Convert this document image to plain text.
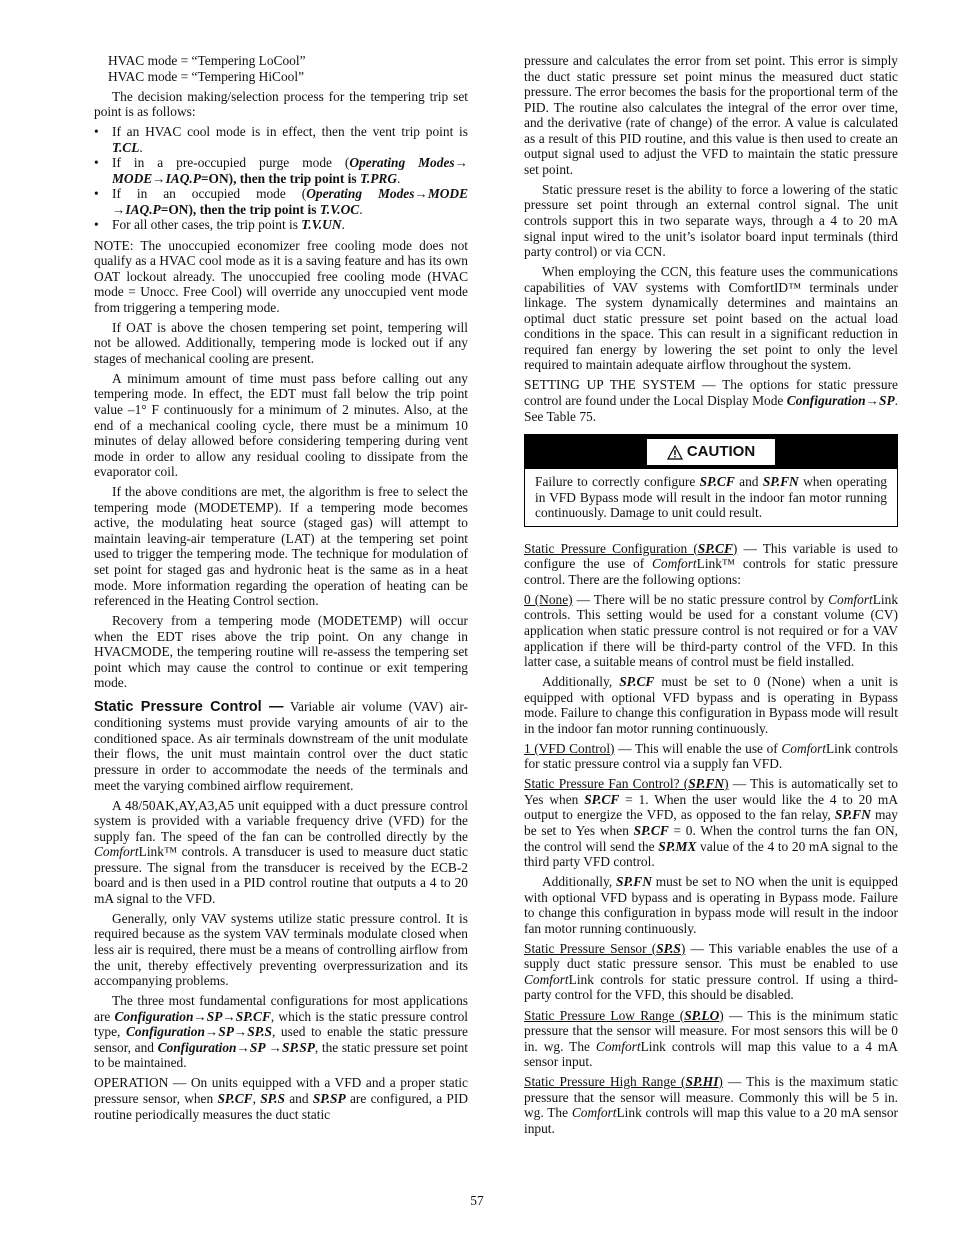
HVAC mode = “Tempering LoCool”

HVAC mode = “Tempering HiCool”

The decision making/selection process for the tempering trip set point is as follows:

• If an HVAC cool mode is in effect, then the vent trip point is T.CL.
• If in a pre-occupied purge mode (Operating Modes→ MODE→IAQ.P=ON), then the trip point is T.PRG.
• If in an occupied mode (Operating Modes→MODE →IAQ.P=ON), then the trip point is T.V.OC.
• For all other cases, the trip point is T.V.UN.

NOTE: The unoccupied economizer free cooling mode does not qualify as a HVAC cool mode as it is a saving feature and has its own OAT lockout already. The unoccupied free cooling mode (HVAC mode = Unocc. Free Cool) will override any unoccupied vent mode from triggering a tempering mode.

If OAT is above the chosen tempering set point, tempering will not be allowed. Additionally, tempering mode is locked out if any stages of mechanical cooling are present.

A minimum amount of time must pass before calling out any tempering mode. In effect, the EDT must fall below the trip point value –1° F continuously for a minimum of 2 minutes. Also, at the end of a mechanical cooling cycle, there must be a minimum 10 minutes of delay allowed before considering tempering during vent mode in order to allow any residual cooling to dissipate from the evaporator coil.

If the above conditions are met, the algorithm is free to select the tempering mode (MODETEMP). If a tempering mode becomes active, the modulating heat source (staged gas) will attempt to maintain leaving-air temperature (LAT) at the tempering set point used to trigger the tempering mode. The technique for modulation of set point for staged gas and hydronic heat is the same as in a heat mode. More information regarding the operation of heating can be referenced in the Heating Control section.

Recovery from a tempering mode (MODETEMP) will occur when the EDT rises above the trip point. On any change in HVACMODE, the tempering routine will re-assess the tempering set point which may cause the control to continue or exit tempering mode.

Static Pressure Control — Variable air volume (VAV) air-conditioning systems must provide varying amounts of air to the conditioned space. As air terminals downstream of the unit modulate their flows, the unit must maintain control over the duct static pressure in order to accommodate the needs of the terminals and meet the varying combined airflow requirement.

A 48/50AK,AY,A3,A5 unit equipped with a duct pressure control system is provided with a variable frequency drive (VFD) for the supply fan. The speed of the fan can be controlled directly by the ComfortLink™ controls. A transducer is used to measure duct static pressure. The signal from the transducer is received by the ECB-2 board and is then used in a PID control routine that outputs a 4 to 20 mA signal to the VFD.

Generally, only VAV systems utilize static pressure control. It is required because as the system VAV terminals modulate closed when less air is required, there must be a means of controlling airflow from the unit, thereby effectively preventing overpressurization and its accompanying problems.

The three most fundamental configurations for most applications are Configuration→SP→SP.CF, which is the static pressure control type, Configuration→SP→SP.S, used to enable the static pressure sensor, and Configuration→SP →SP.SP, the static pressure set point to be maintained.

OPERATION — On units equipped with a VFD and a proper static pressure sensor, when SP.CF, SP.S and SP.SP are configured, a PID routine periodically measures the duct static

pressure and calculates the error from set point. This error is simply the duct static pressure set point minus the measured duct static pressure. The error becomes the basis for the proportional term of the PID. The routine also calculates the integral of the error over time, and the derivative (rate of change) of the error. A value is calculated as a result of this PID routine, and this value is then used to create an output signal used to adjust the VFD to maintain the static pressure set point.

Static pressure reset is the ability to force a lowering of the static pressure set point through an external control signal. The unit controls support this in two separate ways, through a 4 to 20 mA signal input wired to the unit’s isolator board input terminals (third party control) or via CCN.

When employing the CCN, this feature uses the communications capabilities of VAV systems with ComfortID™ terminals under linkage. The system dynamically determines and maintains an optimal duct static pressure set point based on the actual load conditions in the space. This can result in a significant reduction in required fan energy by lowering the set point to only the level required to maintain adequate airflow throughout the system.

SETTING UP THE SYSTEM — The options for static pressure control are found under the Local Display Mode Configuration→SP. See Table 75.

CAUTION
Failure to correctly configure SP.CF and SP.FN when operating in VFD Bypass mode will result in the indoor fan motor running continuously. Damage to unit could result.

Static Pressure Configuration (SP.CF) — This variable is used to configure the use of ComfortLink™ controls for static pressure control. There are the following options:

0 (None) — There will be no static pressure control by ComfortLink controls. This setting would be used for a constant volume (CV) application when static pressure control is not required or for a VAV application if there will be third-party control of the VFD. In this latter case, a suitable means of control must be field installed.

Additionally, SP.CF must be set to 0 (None) when a unit is equipped with optional VFD bypass and is operating in Bypass mode. Failure to change this configuration in Bypass mode will result in the indoor fan motor running continuously.

1 (VFD Control) — This will enable the use of ComfortLink controls for static pressure control via a supply fan VFD.

Static Pressure Fan Control? (SP.FN) — This is automatically set to Yes when SP.CF = 1. When the user would like the 4 to 20 mA output to energize the VFD, as opposed to the fan relay, SP.FN may be set to Yes when SP.CF = 0. When the control turns the fan ON, the control will send the SP.MX value of the 4 to 20 mA signal to the third party VFD control.

Additionally, SP.FN must be set to NO when the unit is equipped with optional VFD bypass and is operating in Bypass mode. Failure to change this configuration in bypass mode will result in the indoor fan motor running continuously.

Static Pressure Sensor (SP.S) — This variable enables the use of a supply duct static pressure sensor. This must be enabled to use ComfortLink controls for static pressure control. If using a third-party control for the VFD, this should be disabled.

Static Pressure Low Range (SP.LO) — This is the minimum static pressure that the sensor will measure. For most sensors this will be 0 in. wg. The ComfortLink controls will map this value to a 4 mA sensor input.

Static Pressure High Range (SP.HI) — This is the maximum static pressure that the sensor will measure. Commonly this will be 5 in. wg. The ComfortLink controls will map this value to a 20 mA sensor input.

57
